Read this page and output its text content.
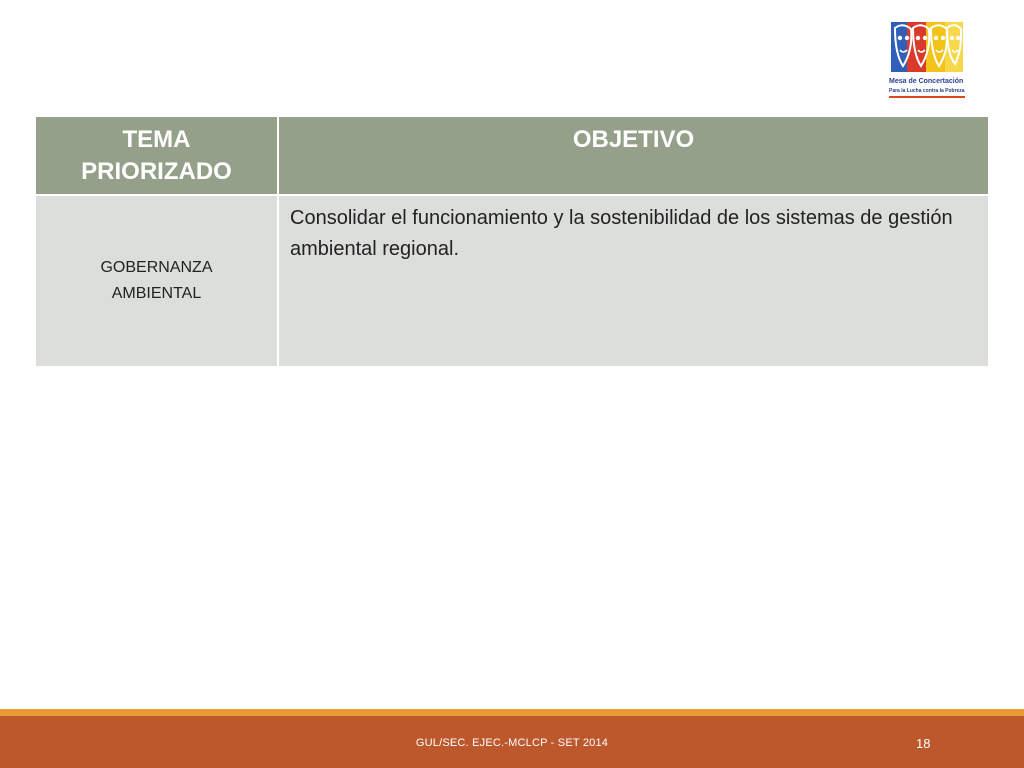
Mesa de Concertación
Para la Lucha contra la Pobreza
TEMA PRIORIZADO
OBJETIVO
GOBERNANZA AMBIENTAL
Consolidar el funcionamiento y la sostenibilidad de los sistemas de gestión ambiental regional.
GUL/SEC. EJEC.-MCLCP - SET 2014	18
